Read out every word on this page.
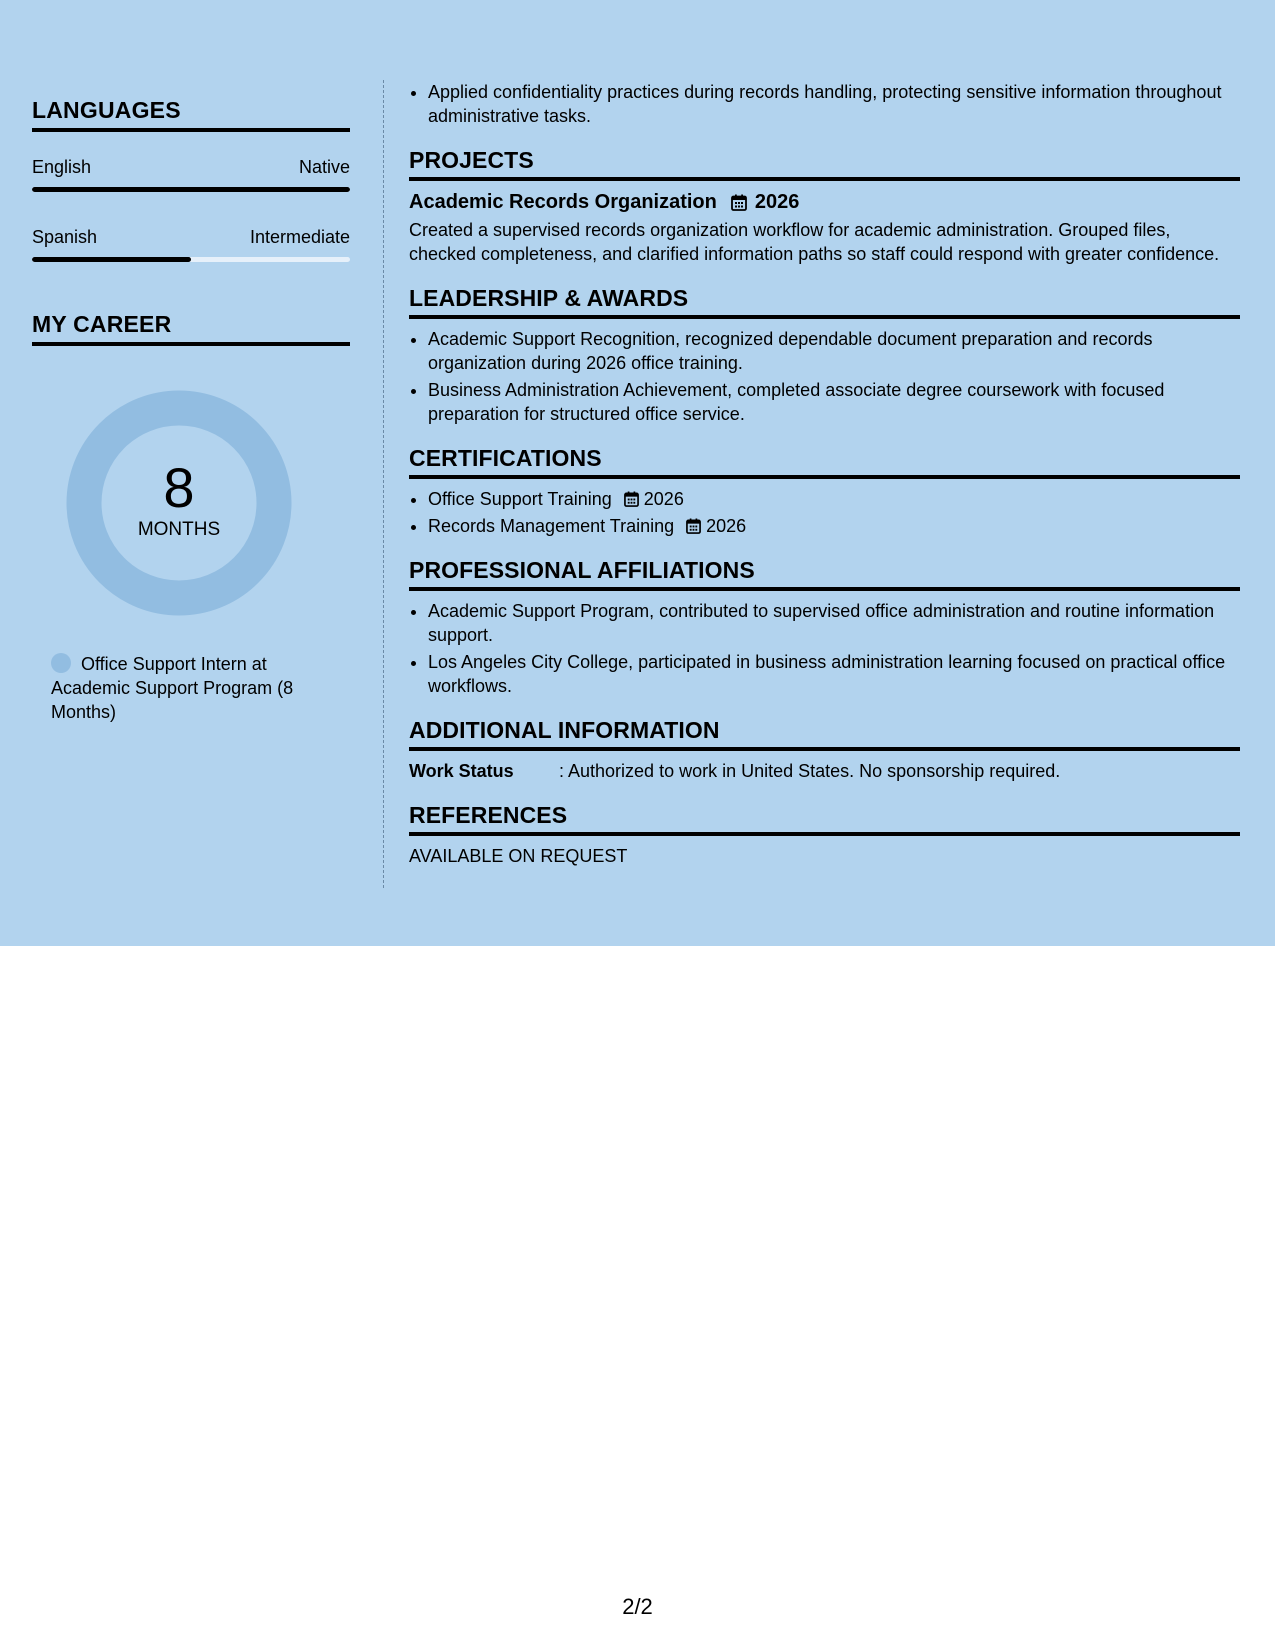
LANGUAGES
English	Native
Spanish	Intermediate
MY CAREER
8
MONTHS
Office Support Intern at Academic Support Program (8 Months)
• Applied confidentiality practices during records handling, protecting sensitive information throughout administrative tasks.
PROJECTS
Academic Records Organization 2026
Created a supervised records organization workflow for academic administration. Grouped files, checked completeness, and clarified information paths so staff could respond with greater confidence.
LEADERSHIP & AWARDS
• Academic Support Recognition, recognized dependable document preparation and records organization during 2026 office training.
• Business Administration Achievement, completed associate degree coursework with focused preparation for structured office service.
CERTIFICATIONS
• Office Support Training 2026
• Records Management Training 2026
PROFESSIONAL AFFILIATIONS
• Academic Support Program, contributed to supervised office administration and routine information support.
• Los Angeles City College, participated in business administration learning focused on practical office workflows.
ADDITIONAL INFORMATION
Work Status	: Authorized to work in United States. No sponsorship required.
REFERENCES
AVAILABLE ON REQUEST
2/2
